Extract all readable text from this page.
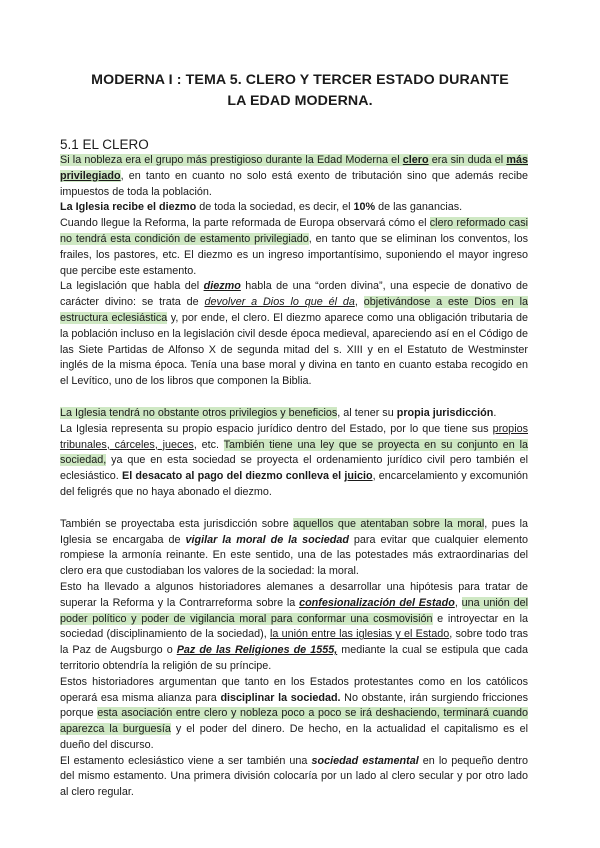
MODERNA I : TEMA 5. CLERO Y TERCER ESTADO DURANTE
LA EDAD MODERNA.
5.1 EL CLERO

Si la nobleza era el grupo más prestigioso durante la Edad Moderna el clero era sin duda el más privilegiado, en tanto en cuanto no solo está exento de tributación sino que además recibe impuestos de toda la población.

La Iglesia recibe el diezmo de toda la sociedad, es decir, el 10% de las ganancias.

Cuando llegue la Reforma, la parte reformada de Europa observará cómo el clero reformado casi no tendrá esta condición de estamento privilegiado, en tanto que se eliminan los conventos, los frailes, los pastores, etc. El diezmo es un ingreso importantísimo, suponiendo el mayor ingreso que percibe este estamento.

La legislación que habla del diezmo habla de una “orden divina”, una especie de donativo de carácter divino: se trata de devolver a Dios lo que él da, objetivándose a este Dios en la estructura eclesiástica y, por ende, el clero. El diezmo aparece como una obligación tributaria de la población incluso en la legislación civil desde época medieval, apareciendo así en el Código de las Siete Partidas de Alfonso X de segunda mitad del s. XIII y en el Estatuto de Westminster inglés de la misma época. Tenía una base moral y divina en tanto en cuanto estaba recogido en el Levítico, uno de los libros que componen la Biblia.

La Iglesia tendrá no obstante otros privilegios y beneficios, al tener su propia jurisdicción.

La Iglesia representa su propio espacio jurídico dentro del Estado, por lo que tiene sus propios tribunales, cárceles, jueces, etc. También tiene una ley que se proyecta en su conjunto en la sociedad, ya que en esta sociedad se proyecta el ordenamiento jurídico civil pero también el eclesiástico. El desacato al pago del diezmo conlleva el juicio, encarcelamiento y excomunión del feligrés que no haya abonado el diezmo.

También se proyectaba esta jurisdicción sobre aquellos que atentaban sobre la moral, pues la Iglesia se encargaba de vigilar la moral de la sociedad para evitar que cualquier elemento rompiese la armonía reinante. En este sentido, una de las potestades más extraordinarias del clero era que custodiaban los valores de la sociedad: la moral.

Esto ha llevado a algunos historiadores alemanes a desarrollar una hipótesis para tratar de superar la Reforma y la Contrarreforma sobre la confesionalización del Estado, una unión del poder político y poder de vigilancia moral para conformar una cosmovisión e introyectar en la sociedad (disciplinamiento de la sociedad), la unión entre las iglesias y el Estado, sobre todo tras la Paz de Augsburgo o Paz de las Religiones de 1555, mediante la cual se estipula que cada territorio obtendría la religión de su príncipe.

Estos historiadores argumentan que tanto en los Estados protestantes como en los católicos operará esa misma alianza para disciplinar la sociedad. No obstante, irán surgiendo fricciones porque esta asociación entre clero y nobleza poco a poco se irá deshaciendo, terminará cuando aparezca la burguesía y el poder del dinero. De hecho, en la actualidad el capitalismo es el dueño del discurso.

El estamento eclesiástico viene a ser también una sociedad estamental en lo pequeño dentro del mismo estamento. Una primera división colocaría por un lado al clero secular y por otro lado al clero regular.
